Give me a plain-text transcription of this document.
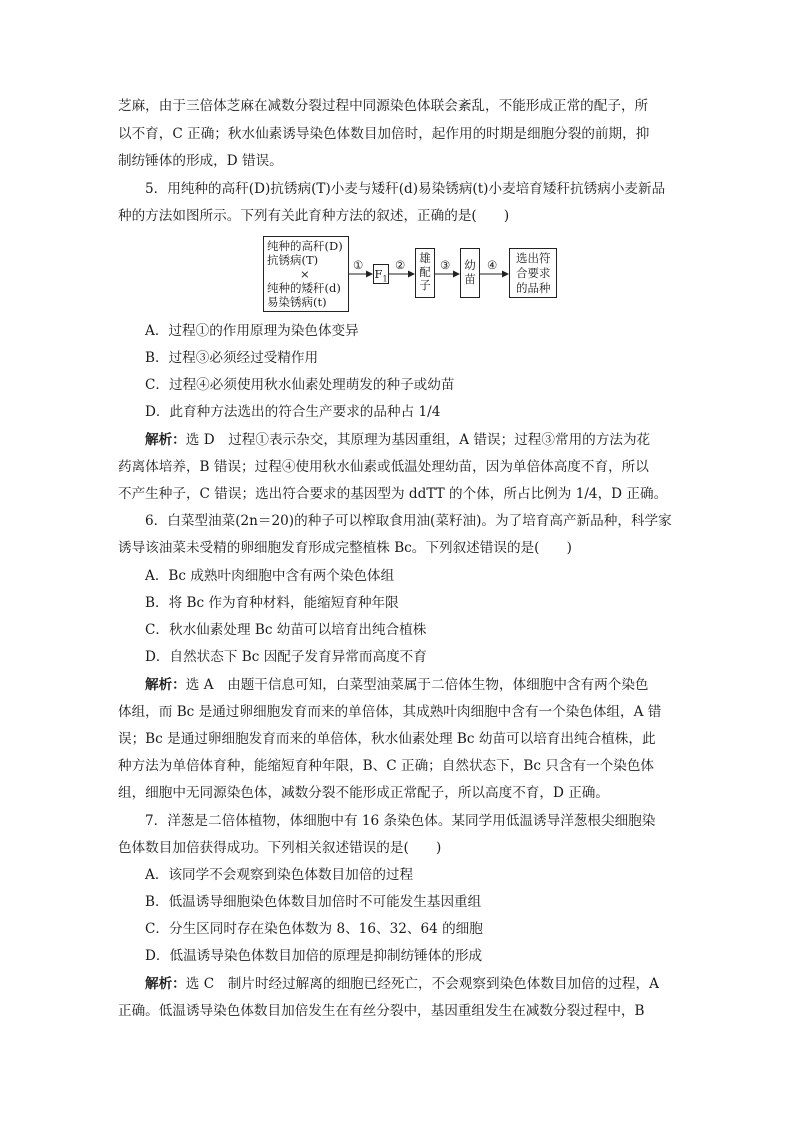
芝麻，由于三倍体芝麻在减数分裂过程中同源染色体联会紊乱，不能形成正常的配子，所
以不育，C 正确；秋水仙素诱导染色体数目加倍时，起作用的时期是细胞分裂的前期，抑
制纺锤体的形成，D 错误。
5．用纯种的高秆(D)抗锈病(T)小麦与矮秆(d)易染锈病(t)小麦培育矮秆抗锈病小麦新品
种的方法如图所示。下列有关此育种方法的叙述，正确的是(　　)
纯种的高秆(D)
抗锈病(T)
×
纯种的矮秆(d)
易染锈病(t)
①
$F_1$
② 雄配子
③ 幼苗
④ 选出符
合要求
的品种
A．过程①的作用原理为染色体变异
B．过程③必须经过受精作用
C．过程④必须使用秋水仙素处理萌发的种子或幼苗
D．此育种方法选出的符合生产要求的品种占 1/4
解析：选 D　过程①表示杂交，其原理为基因重组，A 错误；过程③常用的方法为花
药离体培养，B 错误；过程④使用秋水仙素或低温处理幼苗，因为单倍体高度不育，所以
不产生种子，C 错误；选出符合要求的基因型为 ddTT 的个体，所占比例为 1/4，D 正确。
6．白菜型油菜(2n＝20)的种子可以榨取食用油(菜籽油)。为了培育高产新品种，科学家
诱导该油菜未受精的卵细胞发育形成完整植株 Bc。下列叙述错误的是(　　)
A．Bc 成熟叶肉细胞中含有两个染色体组
B．将 Bc 作为育种材料，能缩短育种年限
C．秋水仙素处理 Bc 幼苗可以培育出纯合植株
D．自然状态下 Bc 因配子发育异常而高度不育
解析：选 A　由题干信息可知，白菜型油菜属于二倍体生物，体细胞中含有两个染色
体组，而 Bc 是通过卵细胞发育而来的单倍体，其成熟叶肉细胞中含有一个染色体组，A 错
误；Bc 是通过卵细胞发育而来的单倍体，秋水仙素处理 Bc 幼苗可以培育出纯合植株，此
种方法为单倍体育种，能缩短育种年限，B、C 正确；自然状态下，Bc 只含有一个染色体
组，细胞中无同源染色体，减数分裂不能形成正常配子，所以高度不育，D 正确。
7．洋葱是二倍体植物，体细胞中有 16 条染色体。某同学用低温诱导洋葱根尖细胞染
色体数目加倍获得成功。下列相关叙述错误的是(　　)
A．该同学不会观察到染色体数目加倍的过程
B．低温诱导细胞染色体数目加倍时不可能发生基因重组
C．分生区同时存在染色体数为 8、16、32、64 的细胞
D．低温诱导染色体数目加倍的原理是抑制纺锤体的形成
解析：选 C　制片时经过解离的细胞已经死亡，不会观察到染色体数目加倍的过程，A
正确。低温诱导染色体数目加倍发生在有丝分裂中，基因重组发生在减数分裂过程中，B
